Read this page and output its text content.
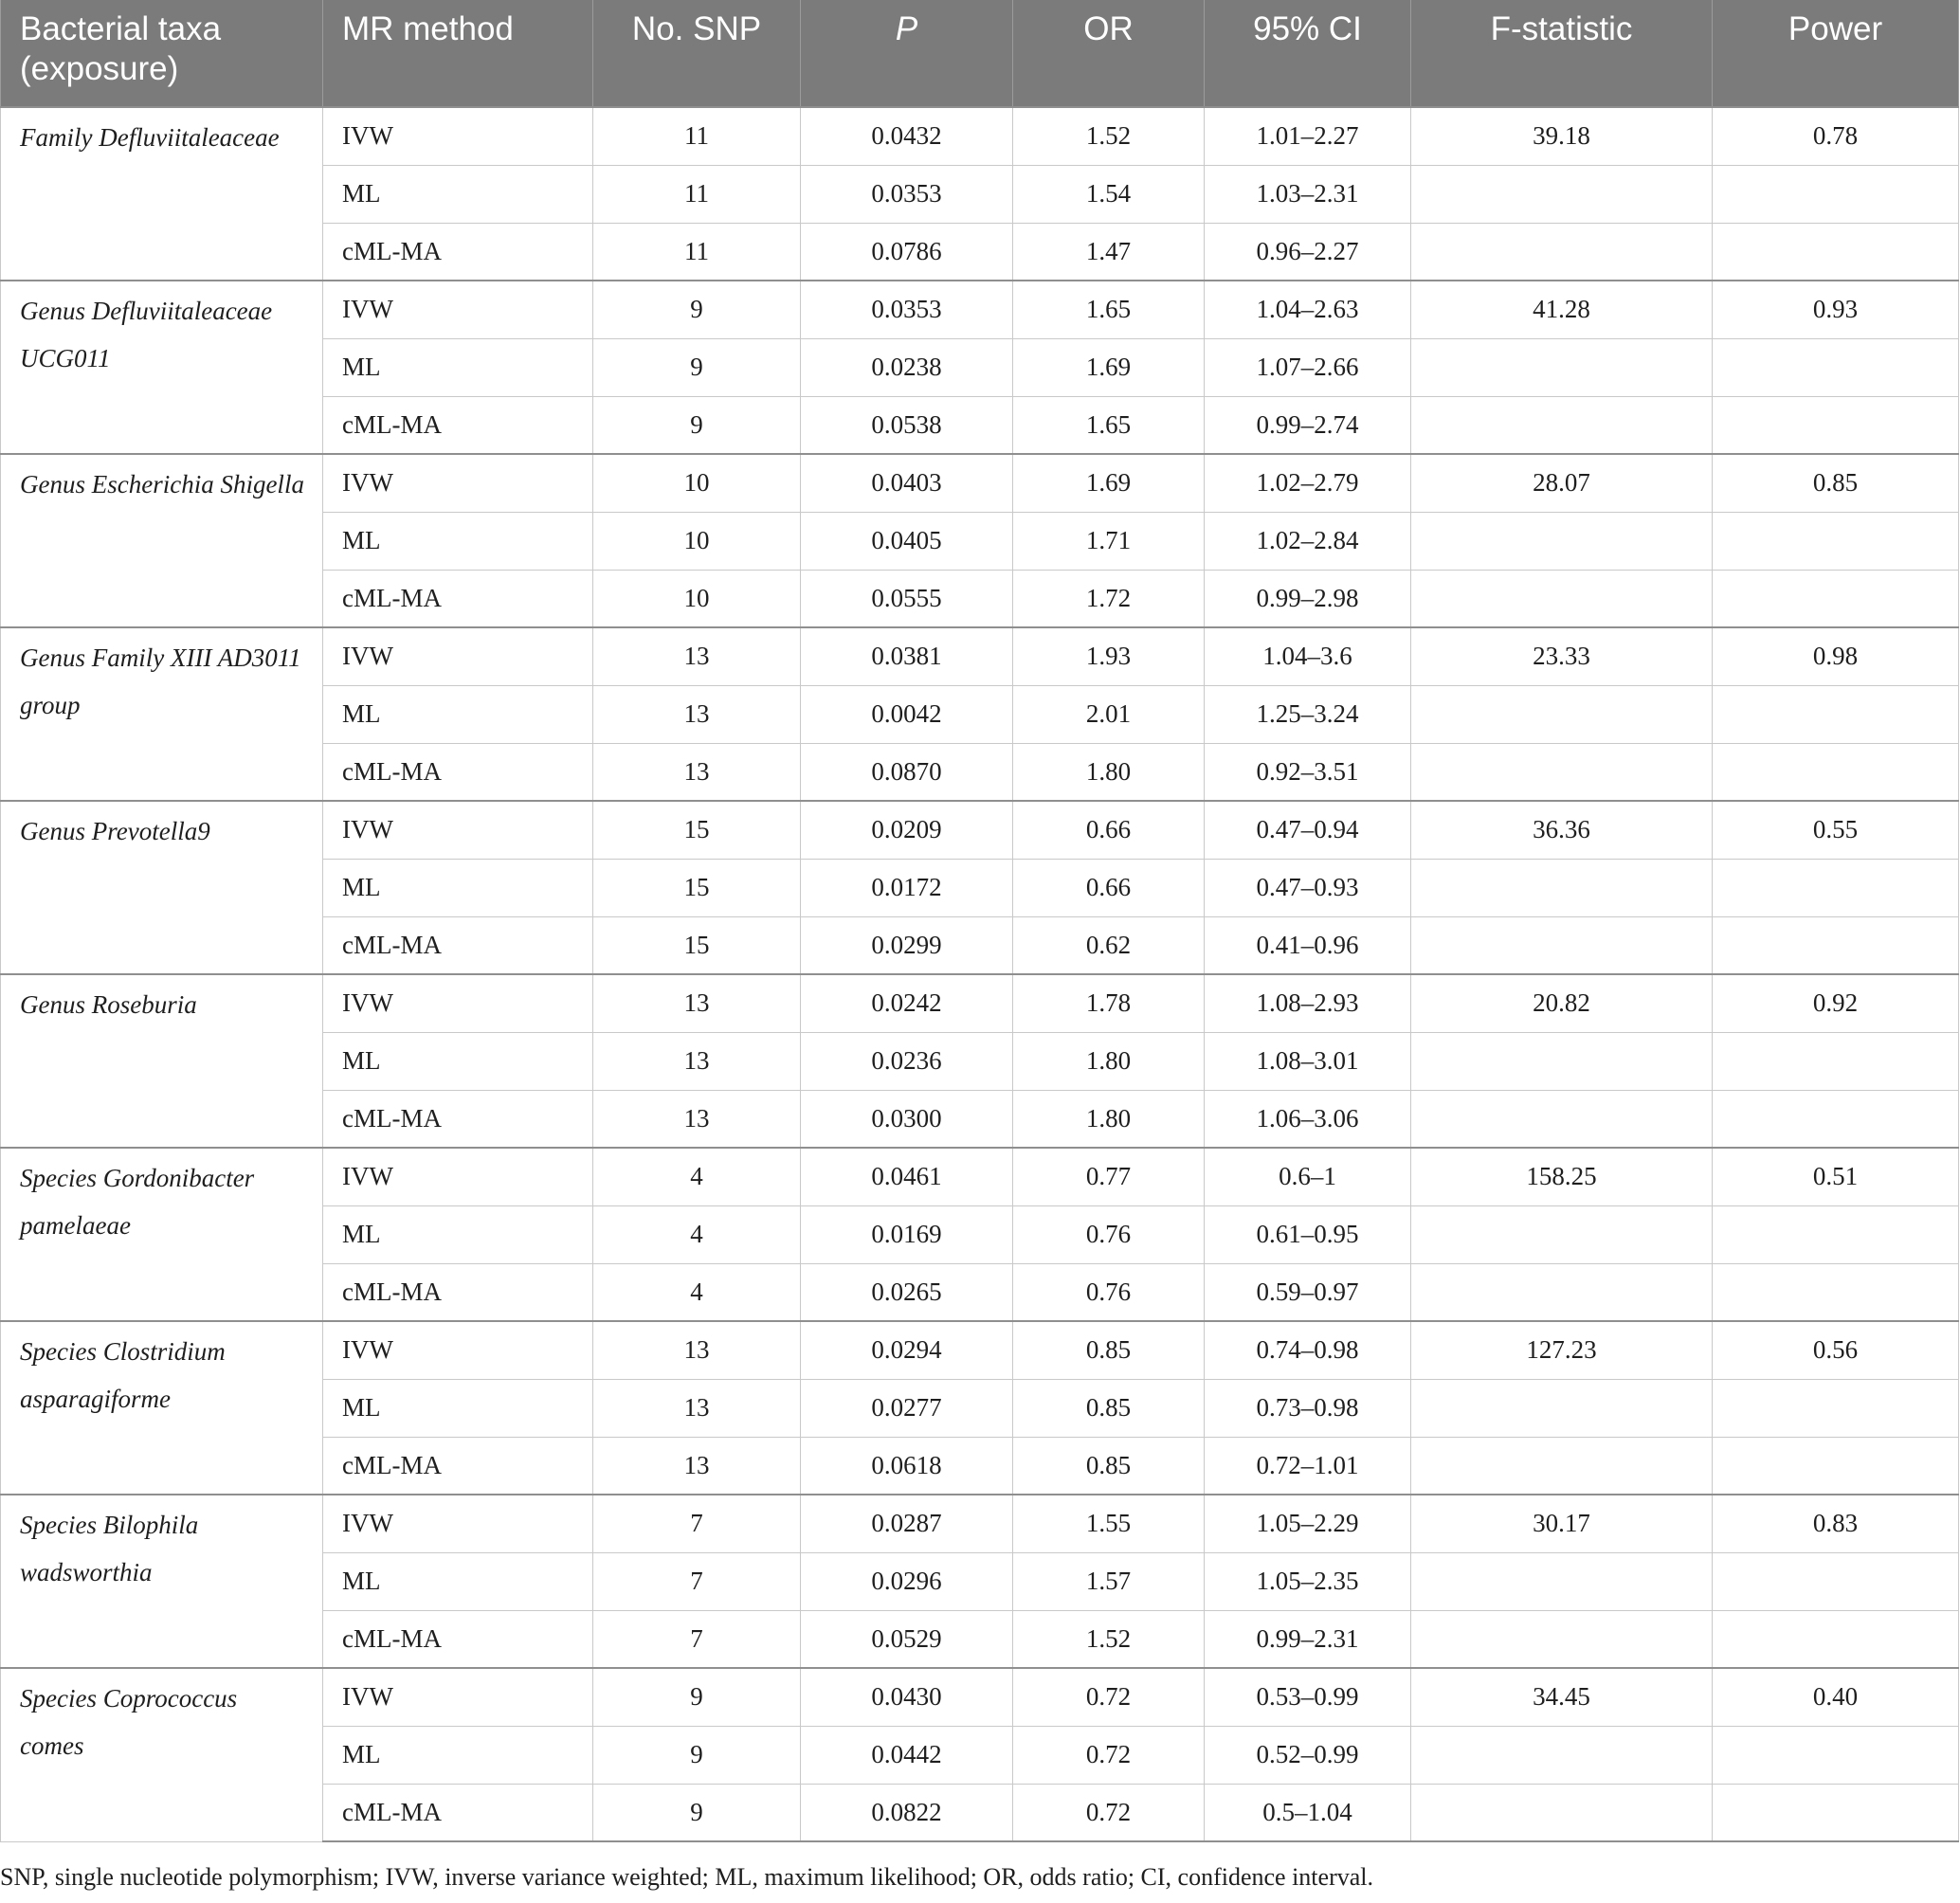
Bacterial taxa (exposure)	MR method	No. SNP	P	OR	95% CI	F-statistic	Power
Family Defluviitaleaceae	IVW	11	0.0432	1.52	1.01–2.27	39.18	0.78
	ML	11	0.0353	1.54	1.03–2.31		
	cML-MA	11	0.0786	1.47	0.96–2.27		
Genus Defluviitaleaceae UCG011	IVW	9	0.0353	1.65	1.04–2.63	41.28	0.93
	ML	9	0.0238	1.69	1.07–2.66		
	cML-MA	9	0.0538	1.65	0.99–2.74		
Genus Escherichia Shigella	IVW	10	0.0403	1.69	1.02–2.79	28.07	0.85
	ML	10	0.0405	1.71	1.02–2.84		
	cML-MA	10	0.0555	1.72	0.99–2.98		
Genus Family XIII AD3011 group	IVW	13	0.0381	1.93	1.04–3.6	23.33	0.98
	ML	13	0.0042	2.01	1.25–3.24		
	cML-MA	13	0.0870	1.80	0.92–3.51		
Genus Prevotella9	IVW	15	0.0209	0.66	0.47–0.94	36.36	0.55
	ML	15	0.0172	0.66	0.47–0.93		
	cML-MA	15	0.0299	0.62	0.41–0.96		
Genus Roseburia	IVW	13	0.0242	1.78	1.08–2.93	20.82	0.92
	ML	13	0.0236	1.80	1.08–3.01		
	cML-MA	13	0.0300	1.80	1.06–3.06		
Species Gordonibacter pamelaeae	IVW	4	0.0461	0.77	0.6–1	158.25	0.51
	ML	4	0.0169	0.76	0.61–0.95		
	cML-MA	4	0.0265	0.76	0.59–0.97		
Species Clostridium asparagiforme	IVW	13	0.0294	0.85	0.74–0.98	127.23	0.56
	ML	13	0.0277	0.85	0.73–0.98		
	cML-MA	13	0.0618	0.85	0.72–1.01		
Species Bilophila wadsworthia	IVW	7	0.0287	1.55	1.05–2.29	30.17	0.83
	ML	7	0.0296	1.57	1.05–2.35		
	cML-MA	7	0.0529	1.52	0.99–2.31		
Species Coprococcus comes	IVW	9	0.0430	0.72	0.53–0.99	34.45	0.40
	ML	9	0.0442	0.72	0.52–0.99		
	cML-MA	9	0.0822	0.72	0.5–1.04		
SNP, single nucleotide polymorphism; IVW, inverse variance weighted; ML, maximum likelihood; OR, odds ratio; CI, confidence interval.
